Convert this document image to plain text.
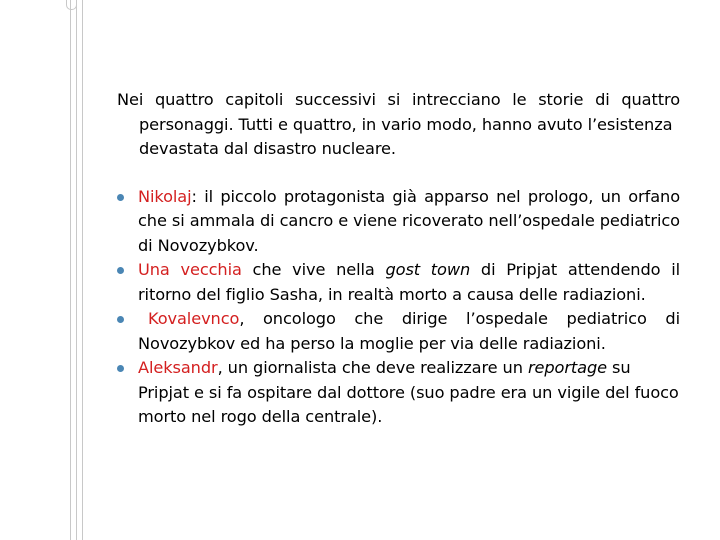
Nei quattro capitoli successivi si intrecciano le storie di quattro
personaggi. Tutti e quattro, in vario modo, hanno avuto l’esistenza devastata dal disastro nucleare.

Nikolaj: il piccolo protagonista già apparso nel prologo, un orfano che si ammala di cancro e viene ricoverato nell’ospedale pediatrico di Novozybkov.
Una vecchia che vive nella gost town di Pripjat attendendo il ritorno del figlio Sasha, in realtà morto a causa delle radiazioni.
Kovalevnco, oncologo che dirige l’ospedale pediatrico di Novozybkov ed ha perso la moglie per via delle radiazioni.
Aleksandr, un giornalista che deve realizzare un reportage su Pripjat e si fa ospitare dal dottore (suo padre era un vigile del fuoco morto nel rogo della centrale).
